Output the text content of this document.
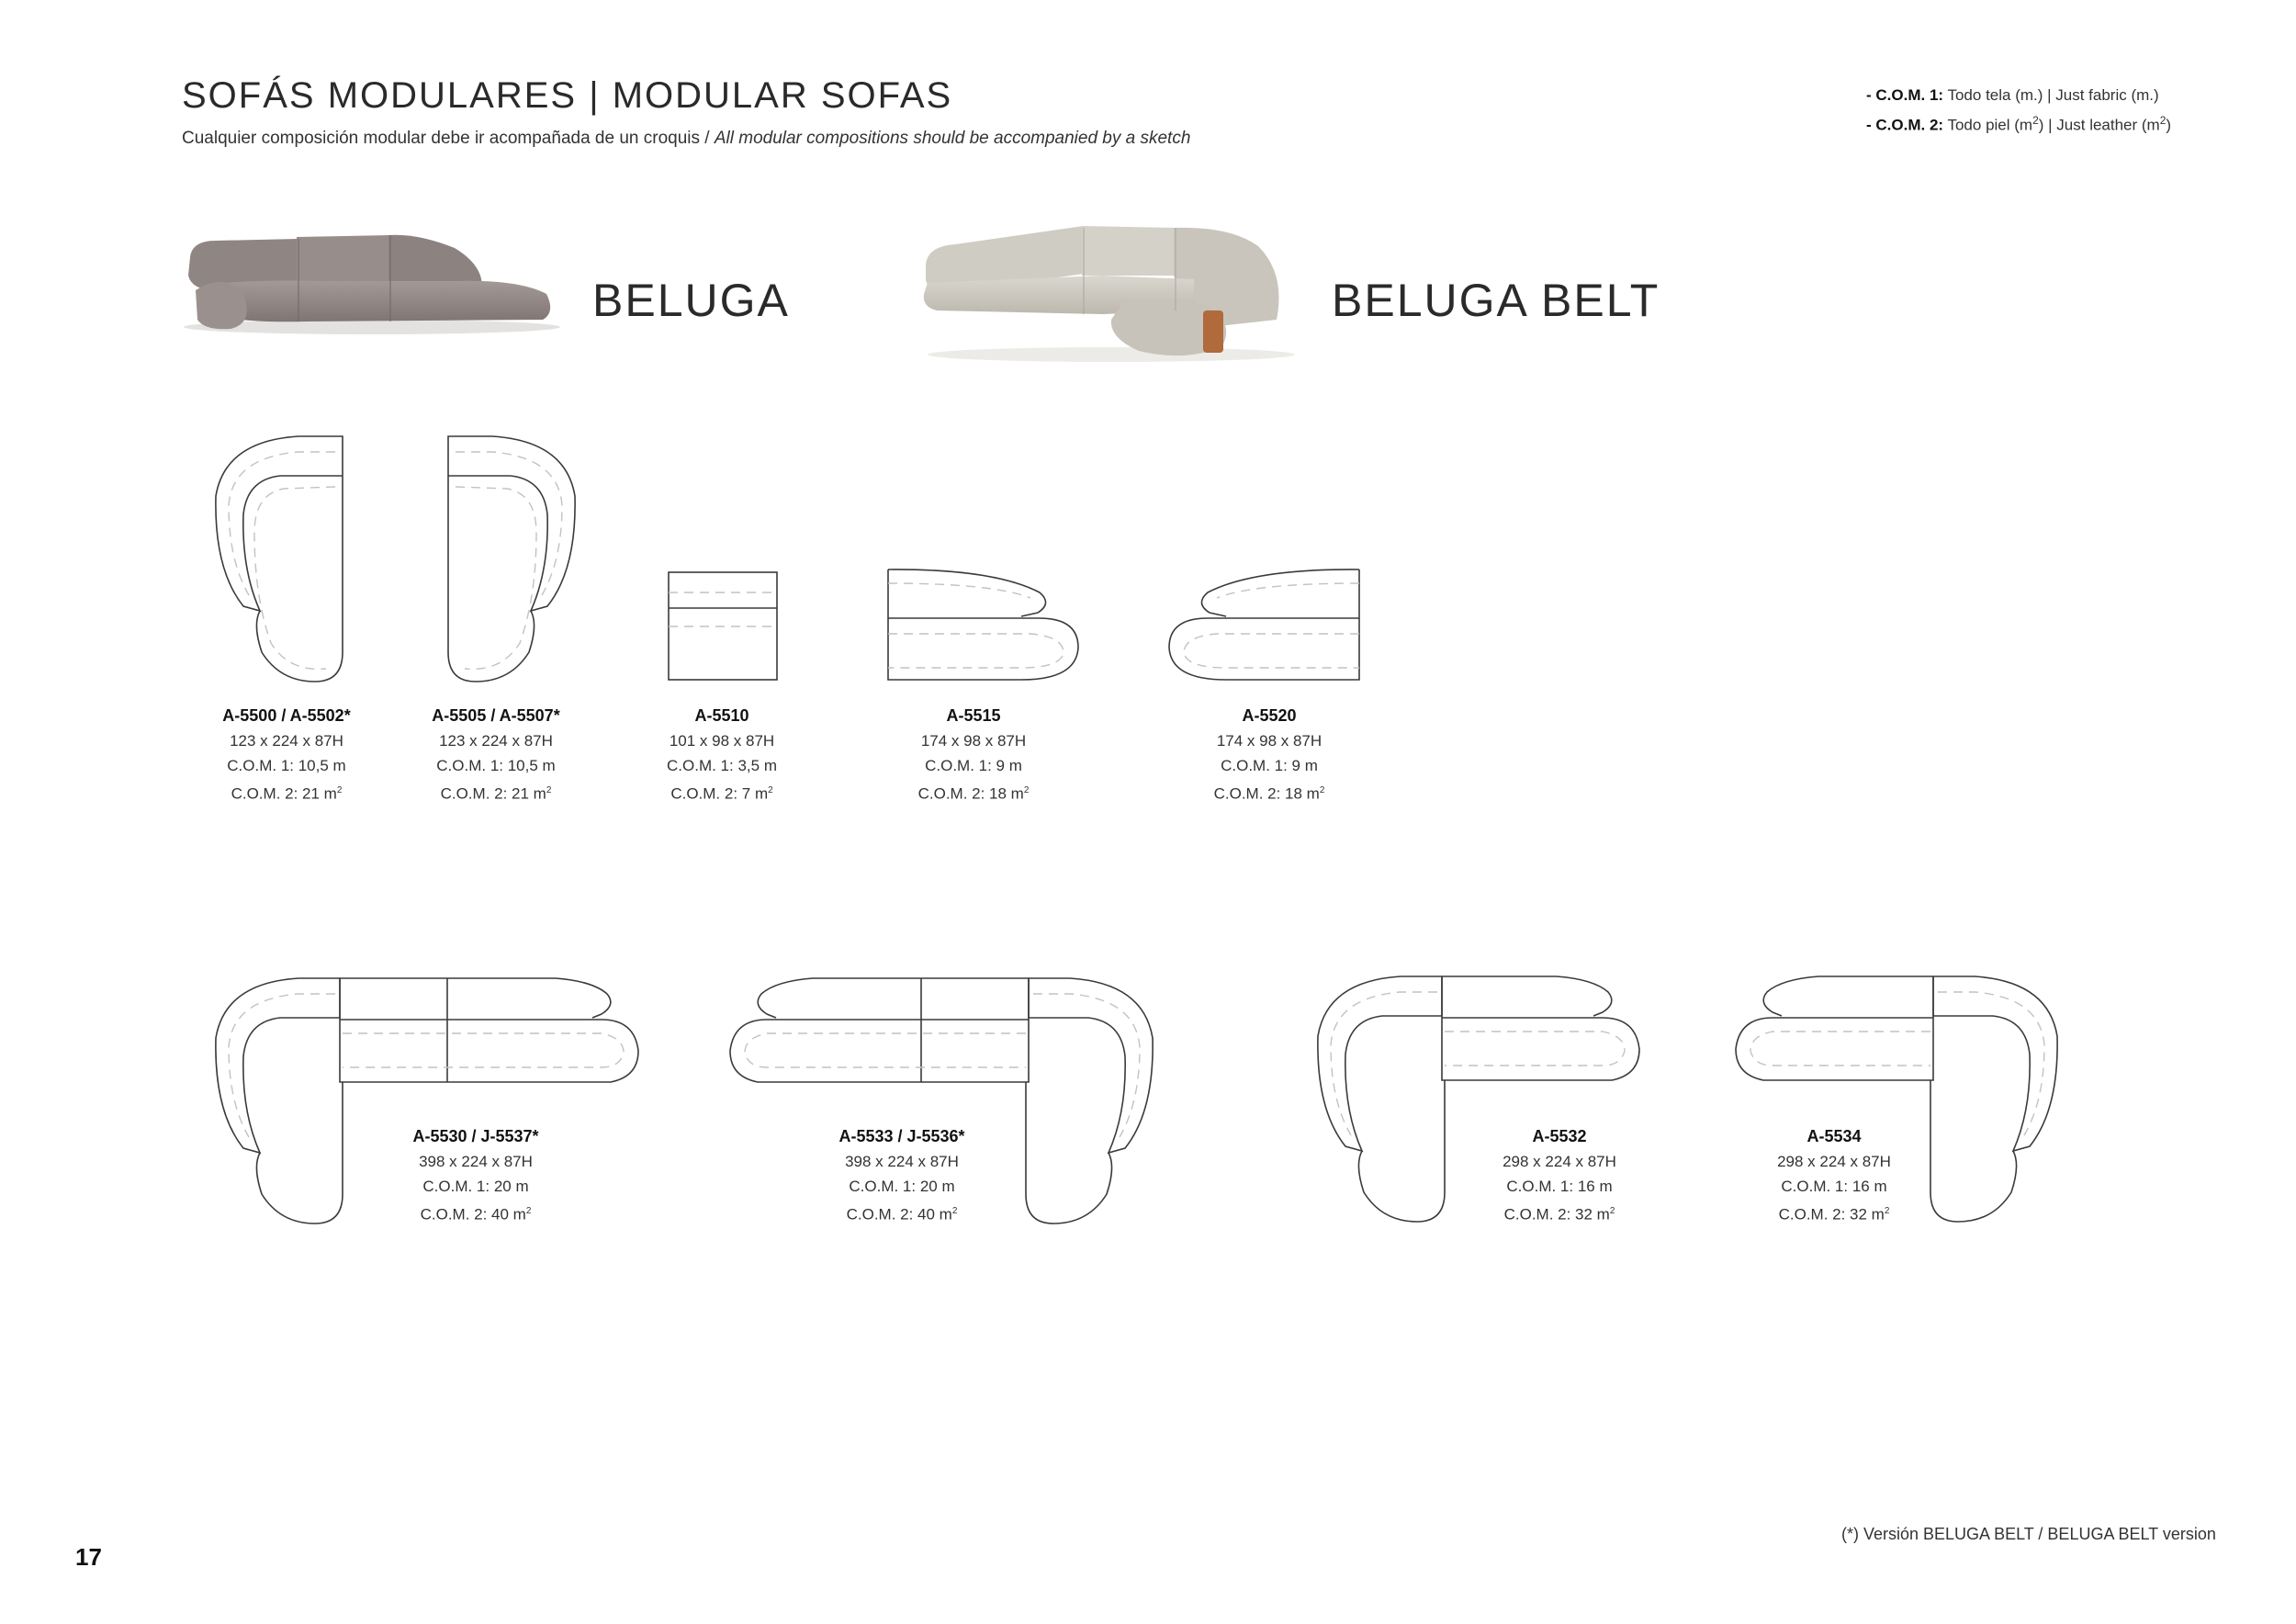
SOFÁS MODULARES | MODULAR SOFAS
Cualquier composición modular debe ir acompañada de un croquis / All modular compositions should be accompanied by a sketch
- C.O.M. 1: Todo tela (m.) | Just fabric (m.)
- C.O.M. 2: Todo piel $(m^2)$ | Just leather $(m^2)$
BELUGA	BELUGA BELT
A-5500 / A-5502*
123 x 224 x 87H
C.O.M. 1: 10,5 m
C.O.M. 2: 21 $m^2$
A-5505 / A-5507*
123 x 224 x 87H
C.O.M. 1: 10,5 m
C.O.M. 2: 21 $m^2$
A-5510
101 x 98 x 87H
C.O.M. 1: 3,5 m
C.O.M. 2: 7 $m^2$
A-5515
174 x 98 x 87H
C.O.M. 1: 9 m
C.O.M. 2: 18 $m^2$
A-5520
174 x 98 x 87H
C.O.M. 1: 9 m
C.O.M. 2: 18 $m^2$
A-5530 / J-5537*
398 x 224 x 87H
C.O.M. 1: 20 m
C.O.M. 2: 40 $m^2$
A-5533 / J-5536*
398 x 224 x 87H
C.O.M. 1: 20 m
C.O.M. 2: 40 $m^2$
A-5532
298 x 224 x 87H
C.O.M. 1: 16 m
C.O.M. 2: 32 $m^2$
A-5534
298 x 224 x 87H
C.O.M. 1: 16 m
C.O.M. 2: 32 $m^2$
17
(*) Versión BELUGA BELT / BELUGA BELT version
